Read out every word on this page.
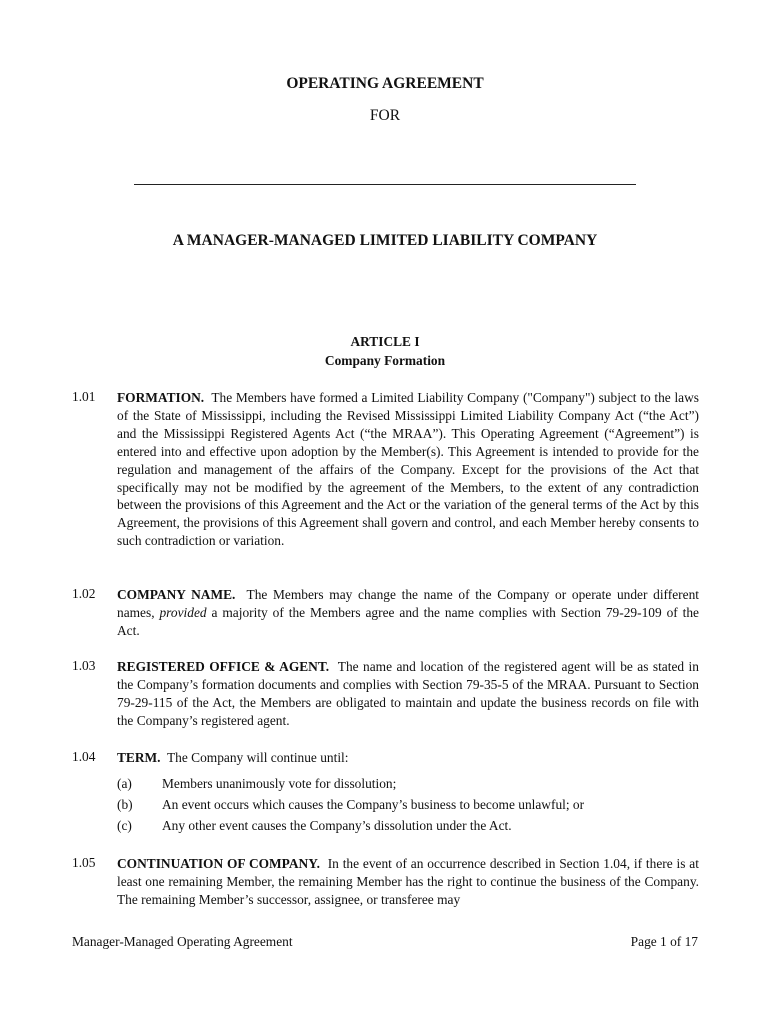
OPERATING AGREEMENT
FOR
A MANAGER-MANAGED LIMITED LIABILITY COMPANY
ARTICLE I
Company Formation
1.01 FORMATION. The Members have formed a Limited Liability Company ("Company") subject to the laws of the State of Mississippi, including the Revised Mississippi Limited Liability Company Act (“the Act”) and the Mississippi Registered Agents Act (“the MRAA”). This Operating Agreement (“Agreement”) is entered into and effective upon adoption by the Member(s). This Agreement is intended to provide for the regulation and management of the affairs of the Company. Except for the provisions of the Act that specifically may not be modified by the agreement of the Members, to the extent of any contradiction between the provisions of this Agreement and the Act or the variation of the general terms of the Act by this Agreement, the provisions of this Agreement shall govern and control, and each Member hereby consents to such contradiction or variation.
1.02 COMPANY NAME. The Members may change the name of the Company or operate under different names, provided a majority of the Members agree and the name complies with Section 79-29-109 of the Act.
1.03 REGISTERED OFFICE & AGENT. The name and location of the registered agent will be as stated in the Company’s formation documents and complies with Section 79-35-5 of the MRAA. Pursuant to Section 79-29-115 of the Act, the Members are obligated to maintain and update the business records on file with the Company’s registered agent.
1.04 TERM. The Company will continue until:
(a) Members unanimously vote for dissolution;
(b) An event occurs which causes the Company’s business to become unlawful; or
(c) Any other event causes the Company’s dissolution under the Act.
1.05 CONTINUATION OF COMPANY. In the event of an occurrence described in Section 1.04, if there is at least one remaining Member, the remaining Member has the right to continue the business of the Company. The remaining Member’s successor, assignee, or transferee may
Manager-Managed Operating Agreement	Page 1 of 17
